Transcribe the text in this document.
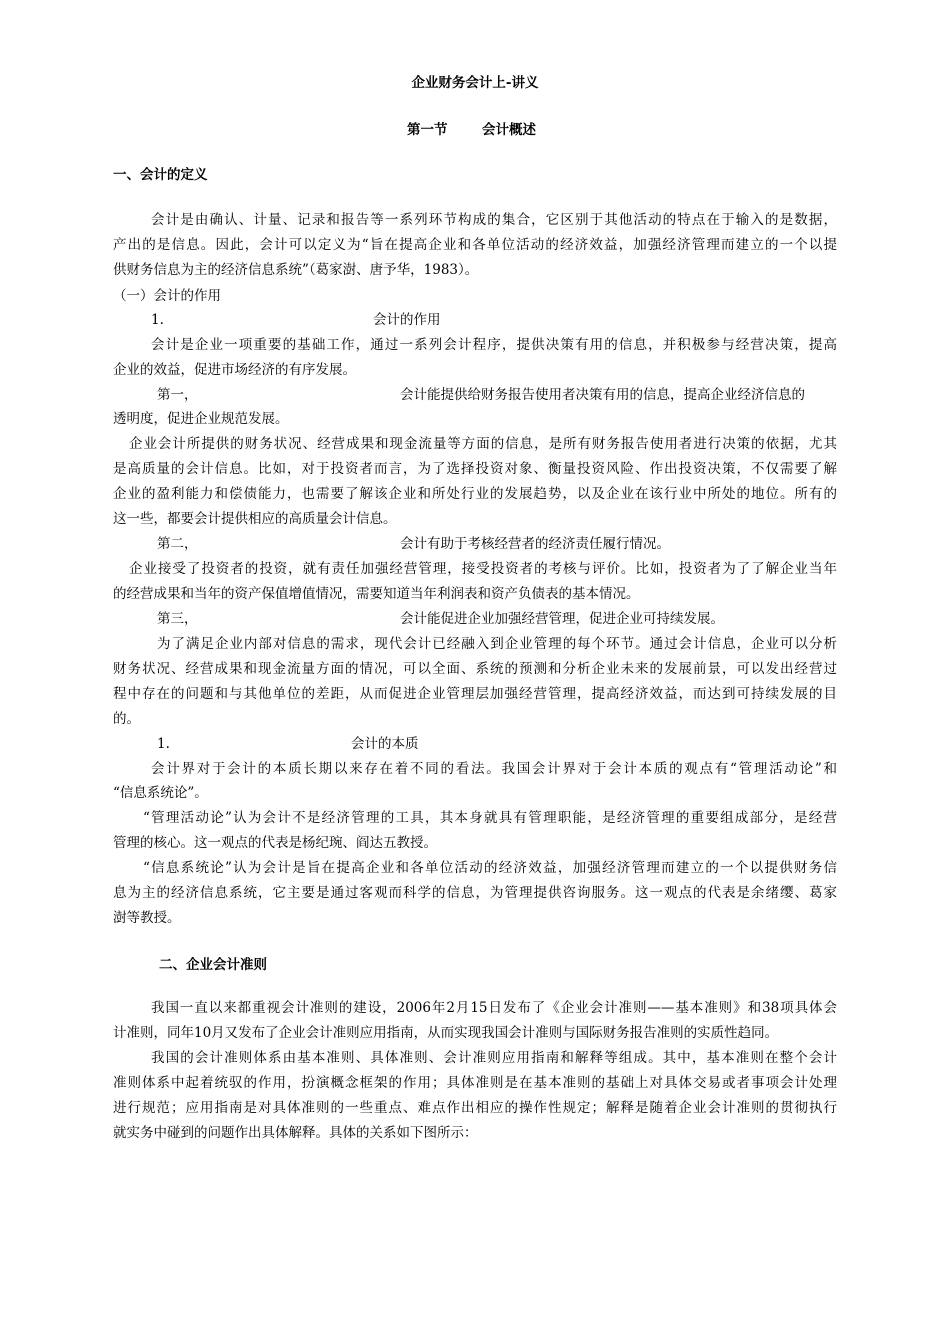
企业财务会计上-讲义
第一节	会计概述
一、会计的定义
会计是由确认、计量、记录和报告等一系列环节构成的集合，它区别于其他活动的特点在于输入的是数据，
产出的是信息。因此，会计可以定义为“旨在提高企业和各单位活动的经济效益，加强经济管理而建立的一个以提
供财务信息为主的经济信息系统”（葛家澍、唐予华，1983）。
（一）会计的作用
1.	会计的作用
会计是企业一项重要的基础工作，通过一系列会计程序，提供决策有用的信息，并积极参与经营决策，提高
企业的效益，促进市场经济的有序发展。
第一，	会计能提供给财务报告使用者决策有用的信息，提高企业经济信息的
透明度，促进企业规范发展。
企业会计所提供的财务状况、经营成果和现金流量等方面的信息，是所有财务报告使用者进行决策的依据，尤其
是高质量的会计信息。比如，对于投资者而言，为了选择投资对象、衡量投资风险、作出投资决策，不仅需要了解
企业的盈利能力和偿债能力，也需要了解该企业和所处行业的发展趋势，以及企业在该行业中所处的地位。所有的
这一些，都要会计提供相应的高质量会计信息。
第二，	会计有助于考核经营者的经济责任履行情况。
企业接受了投资者的投资，就有责任加强经营管理，接受投资者的考核与评价。比如，投资者为了了解企业当年
的经营成果和当年的资产保值增值情况，需要知道当年利润表和资产负债表的基本情况。
第三，	会计能促进企业加强经营管理，促进企业可持续发展。
为了满足企业内部对信息的需求，现代会计已经融入到企业管理的每个环节。通过会计信息，企业可以分析
财务状况、经营成果和现金流量方面的情况，可以全面、系统的预测和分析企业未来的发展前景，可以发出经营过
程中存在的问题和与其他单位的差距，从而促进企业管理层加强经营管理，提高经济效益，而达到可持续发展的目
的。
1.	会计的本质
会计界对于会计的本质长期以来存在着不同的看法。我国会计界对于会计本质的观点有“管理活动论”和
“信息系统论”。
“管理活动论”认为会计不是经济管理的工具，其本身就具有管理职能，是经济管理的重要组成部分，是经营
管理的核心。这一观点的代表是杨纪琬、阎达五教授。
“信息系统论”认为会计是旨在提高企业和各单位活动的经济效益，加强经济管理而建立的一个以提供财务信
息为主的经济信息系统，它主要是通过客观而科学的信息，为管理提供咨询服务。这一观点的代表是余绪缨、葛家
澍等教授。
二、企业会计准则
我国一直以来都重视会计准则的建设，2006年2月15日发布了《企业会计准则——基本准则》和38项具体会
计准则，同年10月又发布了企业会计准则应用指南，从而实现我国会计准则与国际财务报告准则的实质性趋同。
我国的会计准则体系由基本准则、具体准则、会计准则应用指南和解释等组成。其中，基本准则在整个会计
准则体系中起着统驭的作用，扮演概念框架的作用；具体准则是在基本准则的基础上对具体交易或者事项会计处理
进行规范；应用指南是对具体准则的一些重点、难点作出相应的操作性规定；解释是随着企业会计准则的贯彻执行
就实务中碰到的问题作出具体解释。具体的关系如下图所示：
